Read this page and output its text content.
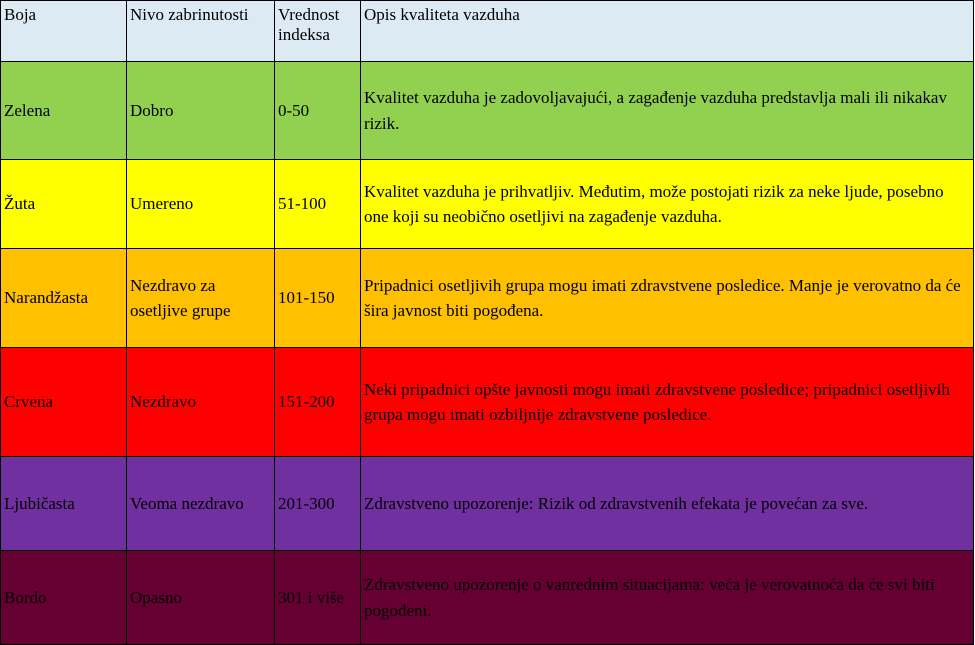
Boja	Nivo zabrinutosti	Vrednost indeksa	Opis kvaliteta vazduha
Zelena	Dobro	0-50	Kvalitet vazduha je zadovoljavajući, a zagađenje vazduha predstavlja mali ili nikakav rizik.
Žuta	Umereno	51-100	Kvalitet vazduha je prihvatljiv. Međutim, može postojati rizik za neke ljude, posebno one koji su neobično osetljivi na zagađenje vazduha.
Narandžasta	Nezdravo za osetljive grupe	101-150	Pripadnici osetljivih grupa mogu imati zdravstvene posledice. Manje je verovatno da će šira javnost biti pogođena.
Crvena	Nezdravo	151-200	Neki pripadnici opšte javnosti mogu imati zdravstvene posledice; pripadnici osetljivih grupa mogu imati ozbiljnije zdravstvene posledice.
Ljubičasta	Veoma nezdravo	201-300	Zdravstveno upozorenje: Rizik od zdravstvenih efekata je povećan za sve.
Bordo	Opasno	301 i više	Zdravstveno upozorenje o vanrednim situacijama: veća je verovatnoća da će svi biti pogođeni.
